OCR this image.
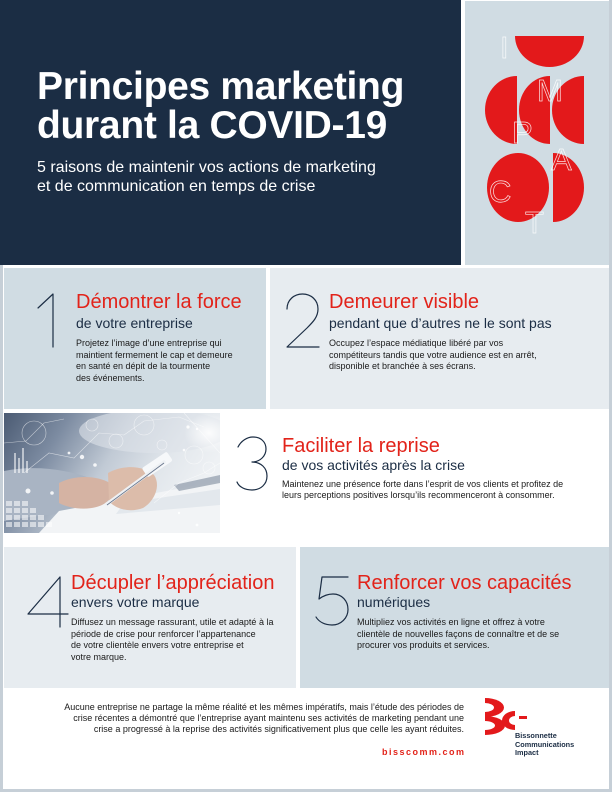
Principes marketing
durant la COVID-19
5 raisons de maintenir vos actions de marketing
et de communication en temps de crise
I
M
P
A
C
T
Démontrer la force
de votre entreprise
Projetez l’image d’une entreprise qui
maintient fermement le cap et demeure
en santé en dépit de la tourmente
des événements.
Demeurer visible
pendant que d’autres ne le sont pas
Occupez l’espace médiatique libéré par vos
compétiteurs tandis que votre audience est en arrêt,
disponible et branchée à ses écrans.
Faciliter la reprise
de vos activités après la crise
Maintenez une présence forte dans l’esprit de vos clients et profitez de
leurs perceptions positives lorsqu’ils recommenceront à consommer.
Décupler l’appréciation
envers votre marque
Diffusez un message rassurant, utile et adapté à la
période de crise pour renforcer l’appartenance
de votre clientèle envers votre entreprise et
votre marque.
Renforcer vos capacités
numériques
Multipliez vos activités en ligne et offrez à votre
clientèle de nouvelles façons de connaître et de se
procurer vos produits et services.
Aucune entreprise ne partage la même réalité et les mêmes impératifs, mais l’étude des périodes de
crise récentes a démontré que l’entreprise ayant maintenu ses activités de marketing pendant une
crise a progressé à la reprise des activités significativement plus que celle les ayant réduites.
bisscomm.com
Bissonnette
Communications
Impact
